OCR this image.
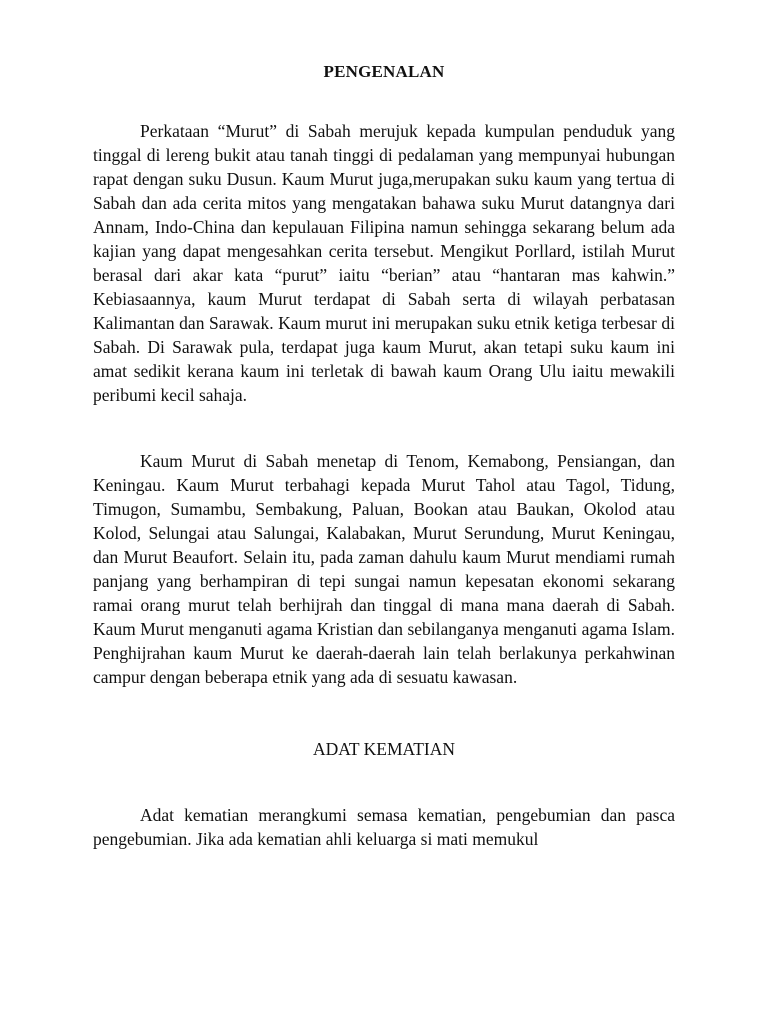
PENGENALAN

Perkataan “Murut” di Sabah merujuk kepada kumpulan penduduk yang tinggal di lereng bukit atau tanah tinggi di pedalaman yang mempunyai hubungan rapat dengan suku Dusun. Kaum Murut juga,merupakan suku kaum yang tertua di Sabah dan ada cerita mitos yang mengatakan bahawa suku Murut datangnya dari Annam, Indo-China dan kepulauan Filipina namun sehingga sekarang belum ada kajian yang dapat mengesahkan cerita tersebut. Mengikut Porllard, istilah Murut berasal dari akar kata “purut” iaitu “berian” atau “hantaran mas kahwin.” Kebiasaannya, kaum Murut terdapat di Sabah serta di wilayah perbatasan Kalimantan dan Sarawak. Kaum murut ini merupakan suku etnik ketiga terbesar di Sabah. Di Sarawak pula, terdapat juga kaum Murut, akan tetapi suku kaum ini amat sedikit kerana kaum ini terletak di bawah kaum Orang Ulu iaitu mewakili peribumi kecil sahaja.

Kaum Murut di Sabah menetap di Tenom, Kemabong, Pensiangan, dan Keningau. Kaum Murut terbahagi kepada Murut Tahol atau Tagol, Tidung, Timugon, Sumambu, Sembakung, Paluan, Bookan atau Baukan, Okolod atau Kolod, Selungai atau Salungai, Kalabakan, Murut Serundung, Murut Keningau, dan Murut Beaufort. Selain itu, pada zaman dahulu kaum Murut mendiami rumah panjang yang berhampiran di tepi sungai namun kepesatan ekonomi sekarang ramai orang murut telah berhijrah dan tinggal di mana mana daerah di Sabah. Kaum Murut menganuti agama Kristian dan sebilanganya menganuti agama Islam. Penghijrahan kaum Murut ke daerah-daerah lain telah berlakunya perkahwinan campur dengan beberapa etnik yang ada di sesuatu kawasan.

ADAT KEMATIAN

Adat kematian merangkumi semasa kematian, pengebumian dan pasca pengebumian. Jika ada kematian ahli keluarga si mati memukul
